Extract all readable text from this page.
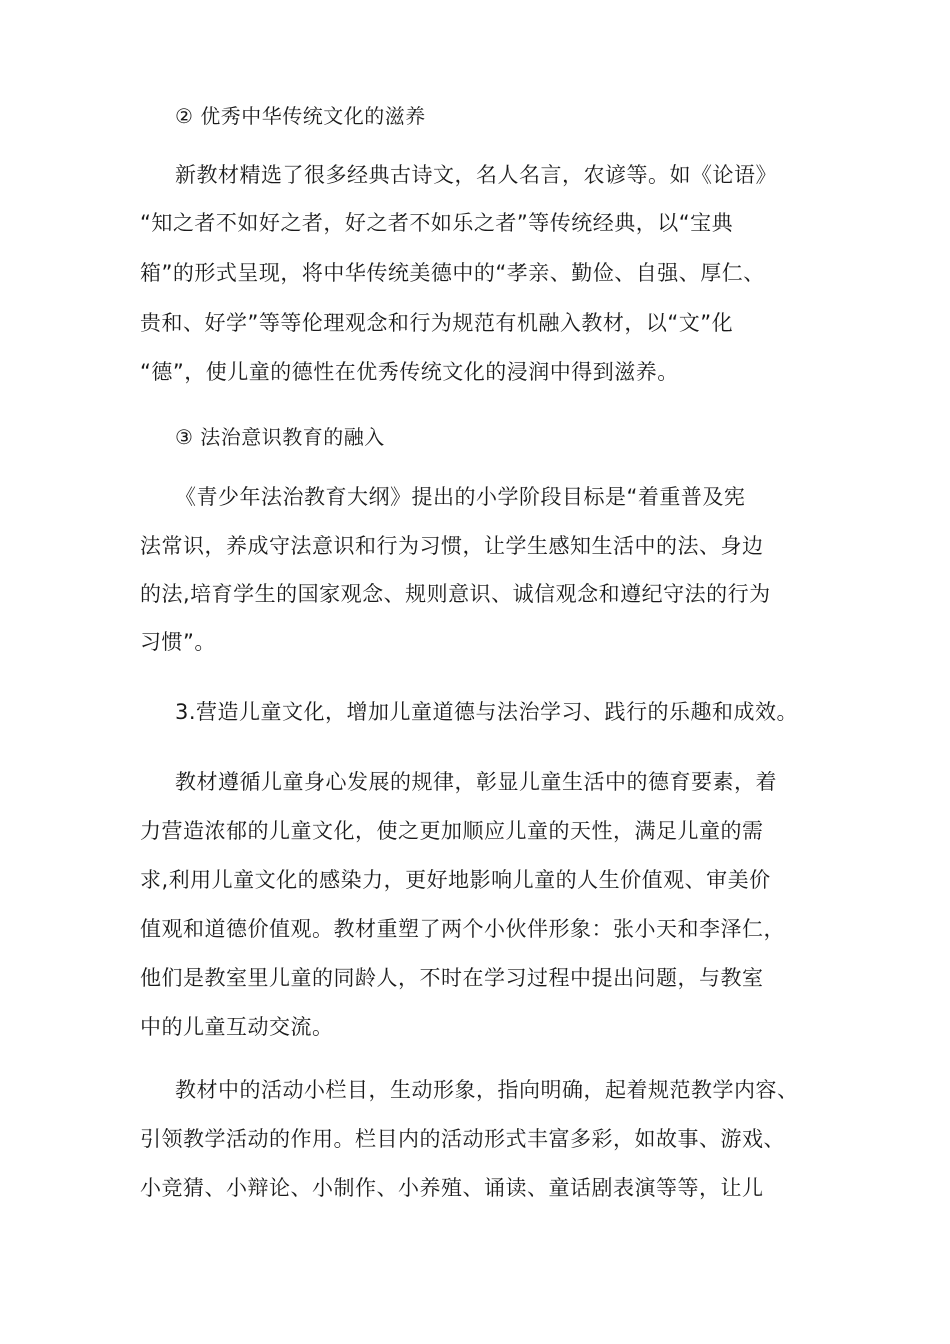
② 优秀中华传统文化的滋养
新教材精选了很多经典古诗文，名人名言，农谚等。如《论语》
“知之者不如好之者，好之者不如乐之者”等传统经典，以“宝典
箱”的形式呈现，将中华传统美德中的“孝亲、勤俭、自强、厚仁、
贵和、好学”等等伦理观念和行为规范有机融入教材，以“文”化
“德”，使儿童的德性在优秀传统文化的浸润中得到滋养。
③ 法治意识教育的融入
《青少年法治教育大纲》提出的小学阶段目标是“着重普及宪
法常识，养成守法意识和行为习惯，让学生感知生活中的法、身边
的法,培育学生的国家观念、规则意识、诚信观念和遵纪守法的行为
习惯”。
3.营造儿童文化，增加儿童道德与法治学习、践行的乐趣和成效。
教材遵循儿童身心发展的规律，彰显儿童生活中的德育要素，着
力营造浓郁的儿童文化，使之更加顺应儿童的天性，满足儿童的需
求,利用儿童文化的感染力，更好地影响儿童的人生价值观、审美价
值观和道德价值观。教材重塑了两个小伙伴形象：张小天和李泽仁，
他们是教室里儿童的同龄人，不时在学习过程中提出问题，与教室
中的儿童互动交流。
教材中的活动小栏目，生动形象，指向明确，起着规范教学内容、
引领教学活动的作用。栏目内的活动形式丰富多彩，如故事、游戏、
小竞猜、小辩论、小制作、小养殖、诵读、童话剧表演等等，让儿
